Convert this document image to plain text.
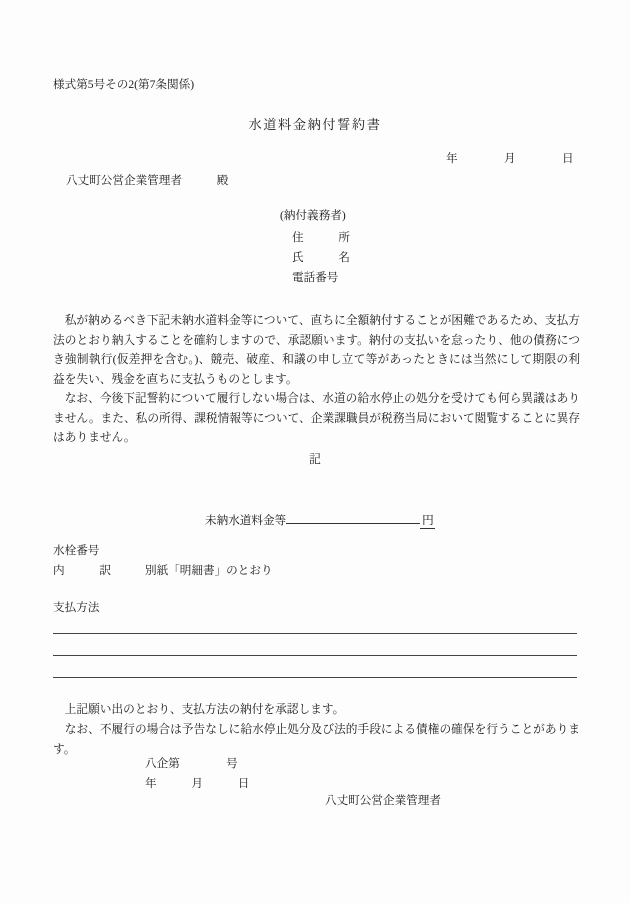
様式第5号その2(第7条関係)
水道料金納付誓約書
年　　　　月　　　　日
八丈町公営企業管理者　　　殿
(納付義務者)
住　　　所
氏　　　名
電話番号
私が納めるべき下記未納水道料金等について、直ちに全額納付することが困難であるため、支払方法のとおり納入することを確約しますので、承認願います。納付の支払いを怠ったり、他の債務につき強制執行(仮差押を含む。)、競売、破産、和議の申し立て等があったときには当然にして期限の利益を失い、残金を直ちに支払うものとします。
なお、今後下記誓約について履行しない場合は、水道の給水停止の処分を受けても何ら異議はありません。また、私の所得、課税情報等について、企業課職員が税務当局において閲覧することに異存はありません。
記
未納水道料金等	円
水栓番号
内　　　訳	別紙「明細書」のとおり
支払方法
上記願い出のとおり、支払方法の納付を承認します。
なお、不履行の場合は予告なしに給水停止処分及び法的手段による債権の確保を行うことがあります。
八企第　　　　号
年　　　月　　　日
八丈町公営企業管理者
